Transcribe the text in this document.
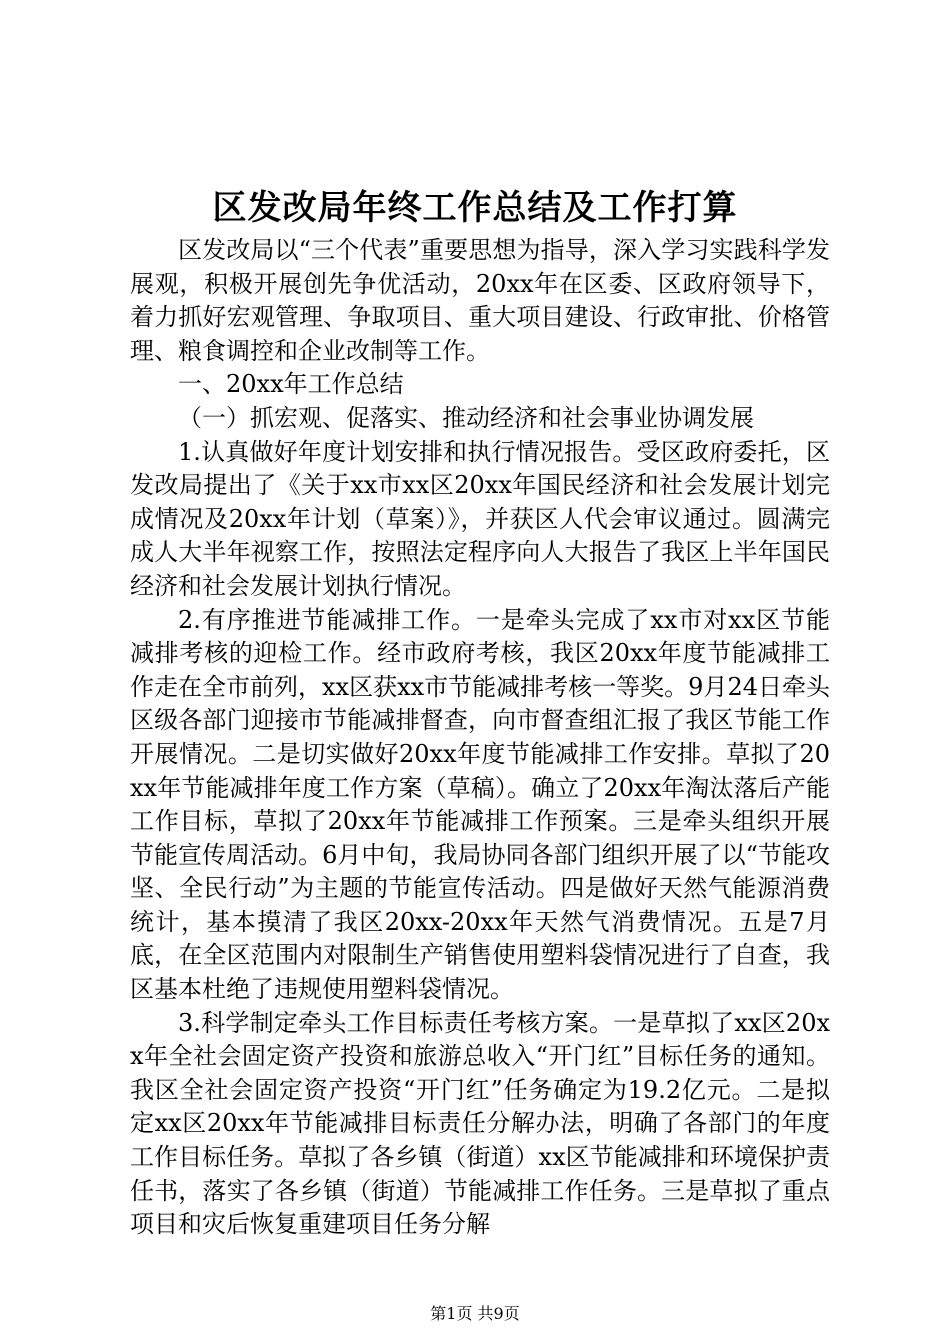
区发改局年终工作总结及工作打算

区发改局以“三个代表”重要思想为指导，深入学习实践科学发展观，积极开展创先争优活动，20xx年在区委、区政府领导下，着力抓好宏观管理、争取项目、重大项目建设、行政审批、价格管理、粮食调控和企业改制等工作。

一、20xx年工作总结

（一）抓宏观、促落实、推动经济和社会事业协调发展

1.认真做好年度计划安排和执行情况报告。受区政府委托，区发改局提出了《关于xx市xx区20xx年国民经济和社会发展计划完成情况及20xx年计划（草案）》，并获区人代会审议通过。圆满完成人大半年视察工作，按照法定程序向人大报告了我区上半年国民经济和社会发展计划执行情况。

2.有序推进节能减排工作。一是牵头完成了xx市对xx区节能减排考核的迎检工作。经市政府考核，我区20xx年度节能减排工作走在全市前列，xx区获xx市节能减排考核一等奖。9月24日牵头区级各部门迎接市节能减排督查，向市督查组汇报了我区节能工作开展情况。二是切实做好20xx年度节能减排工作安排。草拟了20xx年节能减排年度工作方案（草稿）。确立了20xx年淘汰落后产能工作目标，草拟了20xx年节能减排工作预案。三是牵头组织开展节能宣传周活动。6月中旬，我局协同各部门组织开展了以“节能攻坚、全民行动”为主题的节能宣传活动。四是做好天然气能源消费统计，基本摸清了我区20xx-20xx年天然气消费情况。五是7月底，在全区范围内对限制生产销售使用塑料袋情况进行了自查，我区基本杜绝了违规使用塑料袋情况。

3.科学制定牵头工作目标责任考核方案。一是草拟了xx区20xx年全社会固定资产投资和旅游总收入“开门红”目标任务的通知。我区全社会固定资产投资“开门红”任务确定为19.2亿元。二是拟定xx区20xx年节能减排目标责任分解办法，明确了各部门的年度工作目标任务。草拟了各乡镇（街道）xx区节能减排和环境保护责任书，落实了各乡镇（街道）节能减排工作任务。三是草拟了重点项目和灾后恢复重建项目任务分解

第1页 共9页
